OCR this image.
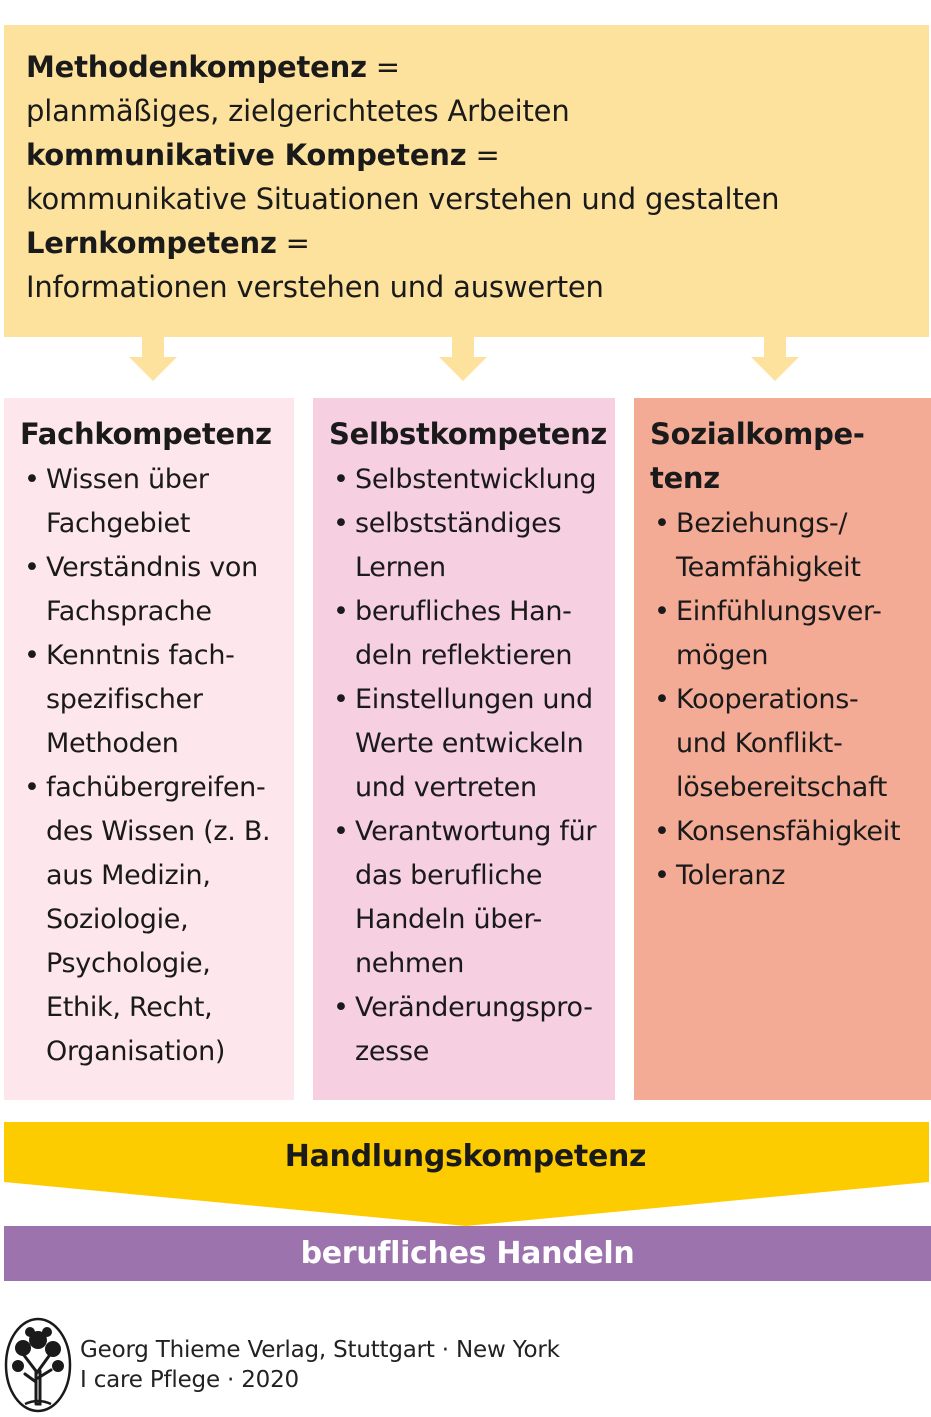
Methodenkompetenz =
planmäßiges, zielgerichtetes Arbeiten
kommunikative Kompetenz =
kommunikative Situationen verstehen und gestalten
Lernkompetenz =
Informationen verstehen und auswerten
Fachkompetenz
• Wissen über
Fachgebiet
• Verständnis von
Fachsprache
• Kenntnis fach-
spezifischer
Methoden
• fachübergreifen-
des Wissen (z. B.
aus Medizin,
Soziologie,
Psychologie,
Ethik, Recht,
Organisation)
Selbstkompetenz
• Selbstentwicklung
• selbstständiges
Lernen
• berufliches Han-
deln reflektieren
• Einstellungen und
Werte entwickeln
und vertreten
• Verantwortung für
das berufliche
Handeln über-
nehmen
• Veränderungspro-
zesse
Sozialkompe-
tenz
• Beziehungs-/
Teamfähigkeit
• Einfühlungsver-
mögen
• Kooperations-
und Konflikt-
lösebereitschaft
• Konsensfähigkeit
• Toleranz
Handlungskompetenz
berufliches Handeln
Georg Thieme Verlag, Stuttgart · New York
I care Pflege · 2020
